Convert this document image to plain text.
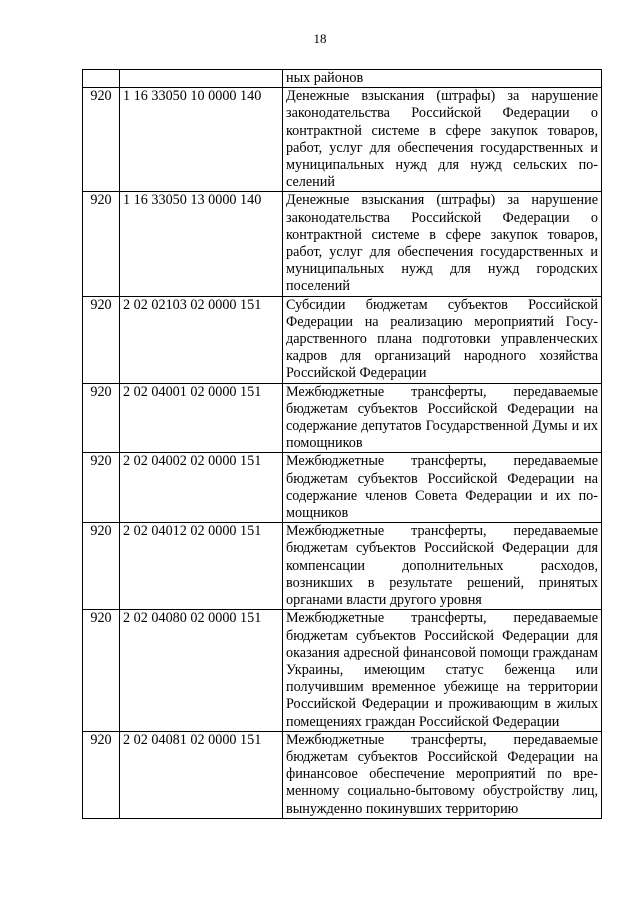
18
		ных районов
920	1 16 33050 10 0000 140	Денежные взыскания (штрафы) за нарушение законодательства Российской Федерации о контрактной системе в сфере закупок товаров, работ, услуг для обеспечения государственных и муниципальных нужд для нужд сельских поселений
920	1 16 33050 13 0000 140	Денежные взыскания (штрафы) за нарушение законодательства Российской Федерации о контрактной системе в сфере закупок товаров, работ, услуг для обеспечения государственных и муниципальных нужд для нужд городских поселений
920	2 02 02103 02 0000 151	Субсидии бюджетам субъектов Российской Федерации на реализацию мероприятий Государственного плана подготовки управленческих кадров для организаций народного хозяйства Российской Федерации
920	2 02 04001 02 0000 151	Межбюджетные трансферты, передаваемые бюджетам субъектов Российской Федерации на содержание депутатов Государственной Думы и их помощников
920	2 02 04002 02 0000 151	Межбюджетные трансферты, передаваемые бюджетам субъектов Российской Федерации на содержание членов Совета Федерации и их помощников
920	2 02 04012 02 0000 151	Межбюджетные трансферты, передаваемые бюджетам субъектов Российской Федерации для компенсации дополнительных расходов, возникших в результате решений, принятых органами власти другого уровня
920	2 02 04080 02 0000 151	Межбюджетные трансферты, передаваемые бюджетам субъектов Российской Федерации для оказания адресной финансовой помощи гражданам Украины, имеющим статус беженца или получившим временное убежище на территории Российской Федерации и проживающим в жилых помещениях граждан Российской Федерации
920	2 02 04081 02 0000 151	Межбюджетные трансферты, передаваемые бюджетам субъектов Российской Федерации на финансовое обеспечение мероприятий по временному социально-бытовому обустройству лиц, вынужденно покинувших территорию
